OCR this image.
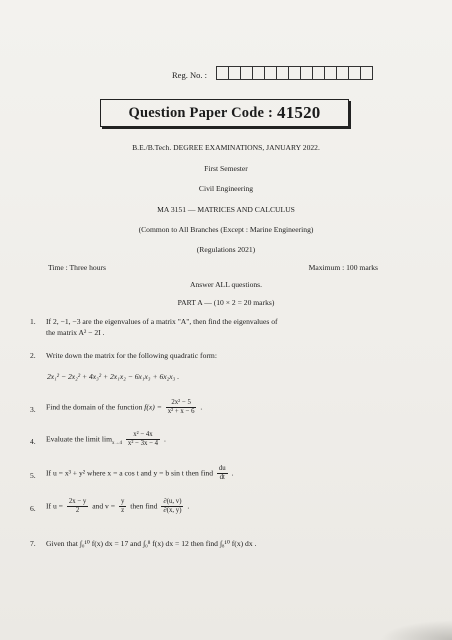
Reg. No. :
Question Paper Code : 41520
B.E./B.Tech. DEGREE EXAMINATIONS, JANUARY 2022.
First Semester
Civil Engineering
MA 3151 — MATRICES AND CALCULUS
(Common to All Branches (Except : Marine Engineering)
(Regulations 2021)
Time : Three hours	Maximum : 100 marks
Answer ALL questions.
PART A — (10 × 2 = 20 marks)
1. If 2, −1, −3 are the eigenvalues of a matrix "A", then find the eigenvalues of
the matrix A² − 2I .
2. Write down the matrix for the following quadratic form:
2x₁² − 2x₂² + 4x₃² + 2x₁x₂ − 6x₁x₃ + 6x₂x₃ .
3. Find the domain of the function $f(x) = \frac{\text{2x² − 5}}{\text{x² + x − 6}}$ .
4. Evaluate the limit $\lim_{x\to 4} \frac{\text{x² − 4x}}{\text{x² − 3x − 4}}$ .
5. If u = x³ + y² where x = a cos t and y = b sin t then find $\frac{du}{dt}$ .
6. If $u = \frac{2x - y}{2}$ and $v = \frac{y}{z}$ then find $\frac{\partial(u, v)}{\partial(x, y)}$ .
7. Given that ∫₀¹⁰ f(x) dx = 17 and ∫₀⁸ f(x) dx = 12 then find ∫₈¹⁰ f(x) dx .
